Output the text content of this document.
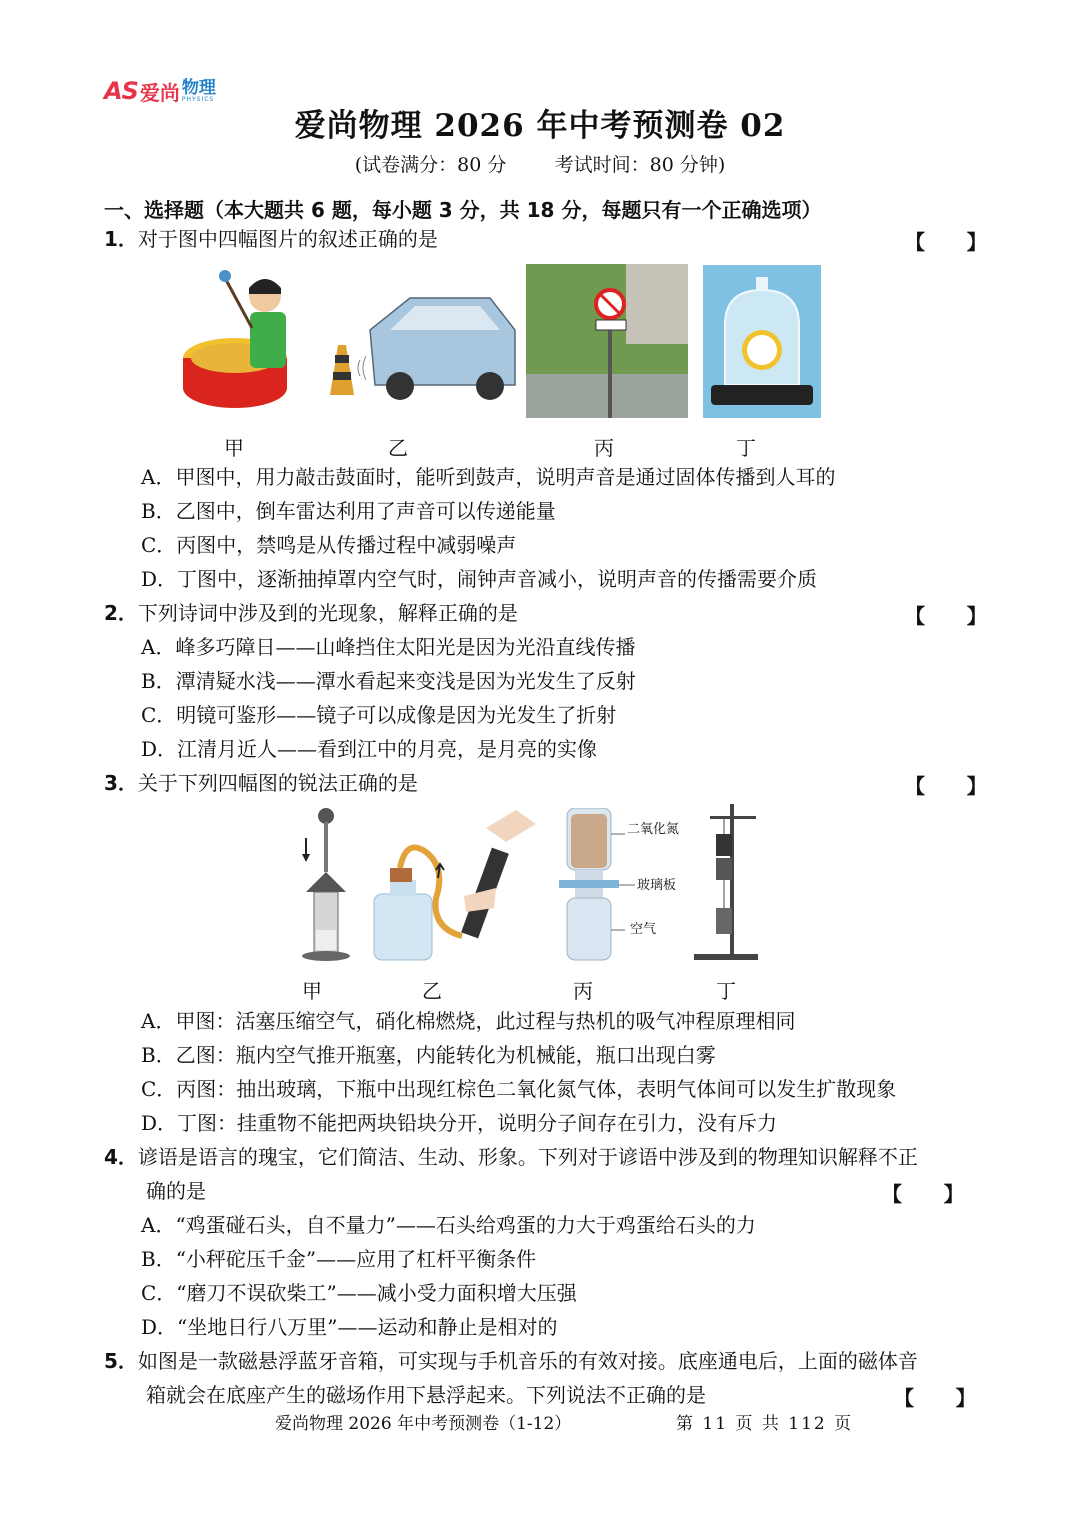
AS 爱尚 物理
PHYSICS
爱尚物理 2026 年中考预测卷 02
(试卷满分：80 分        考试时间：80 分钟)
一、选择题（本大题共 6 题，每小题 3 分，共 18 分，每题只有一个正确选项）
1．对于图中四幅图片的叙述正确的是	【      】
甲	乙	丙	丁
A．甲图中，用力敲击鼓面时，能听到鼓声，说明声音是通过固体传播到人耳的
B．乙图中，倒车雷达利用了声音可以传递能量
C．丙图中，禁鸣是从传播过程中减弱噪声
D．丁图中，逐渐抽掉罩内空气时，闹钟声音减小，说明声音的传播需要介质
2．下列诗词中涉及到的光现象，解释正确的是	【      】
A．峰多巧障日——山峰挡住太阳光是因为光沿直线传播
B．潭清疑水浅——潭水看起来变浅是因为光发生了反射
C．明镜可鉴形——镜子可以成像是因为光发生了折射
D．江清月近人——看到江中的月亮，是月亮的实像
3．关于下列四幅图的锐法正确的是	【      】
二氧化氮
玻璃板
空气
甲	乙	丙	丁
A．甲图：活塞压缩空气，硝化棉燃烧，此过程与热机的吸气冲程原理相同
B．乙图：瓶内空气推开瓶塞，内能转化为机械能，瓶口出现白雾
C．丙图：抽出玻璃，下瓶中出现红棕色二氧化氮气体，表明气体间可以发生扩散现象
D．丁图：挂重物不能把两块铅块分开，说明分子间存在引力，没有斥力
4．谚语是语言的瑰宝，它们简洁、生动、形象。下列对于谚语中涉及到的物理知识解释不正
确的是	【      】
A．“鸡蛋碰石头，自不量力”——石头给鸡蛋的力大于鸡蛋给石头的力
B．“小秤砣压千金”——应用了杠杆平衡条件
C．“磨刀不误砍柴工”——减小受力面积增大压强
D．“坐地日行八万里”——运动和静止是相对的
5．如图是一款磁悬浮蓝牙音箱，可实现与手机音乐的有效对接。底座通电后，上面的磁体音
箱就会在底座产生的磁场作用下悬浮起来。下列说法不正确的是	【      】
爱尚物理 2026 年中考预测卷（1-12）	第 11 页 共 112 页
